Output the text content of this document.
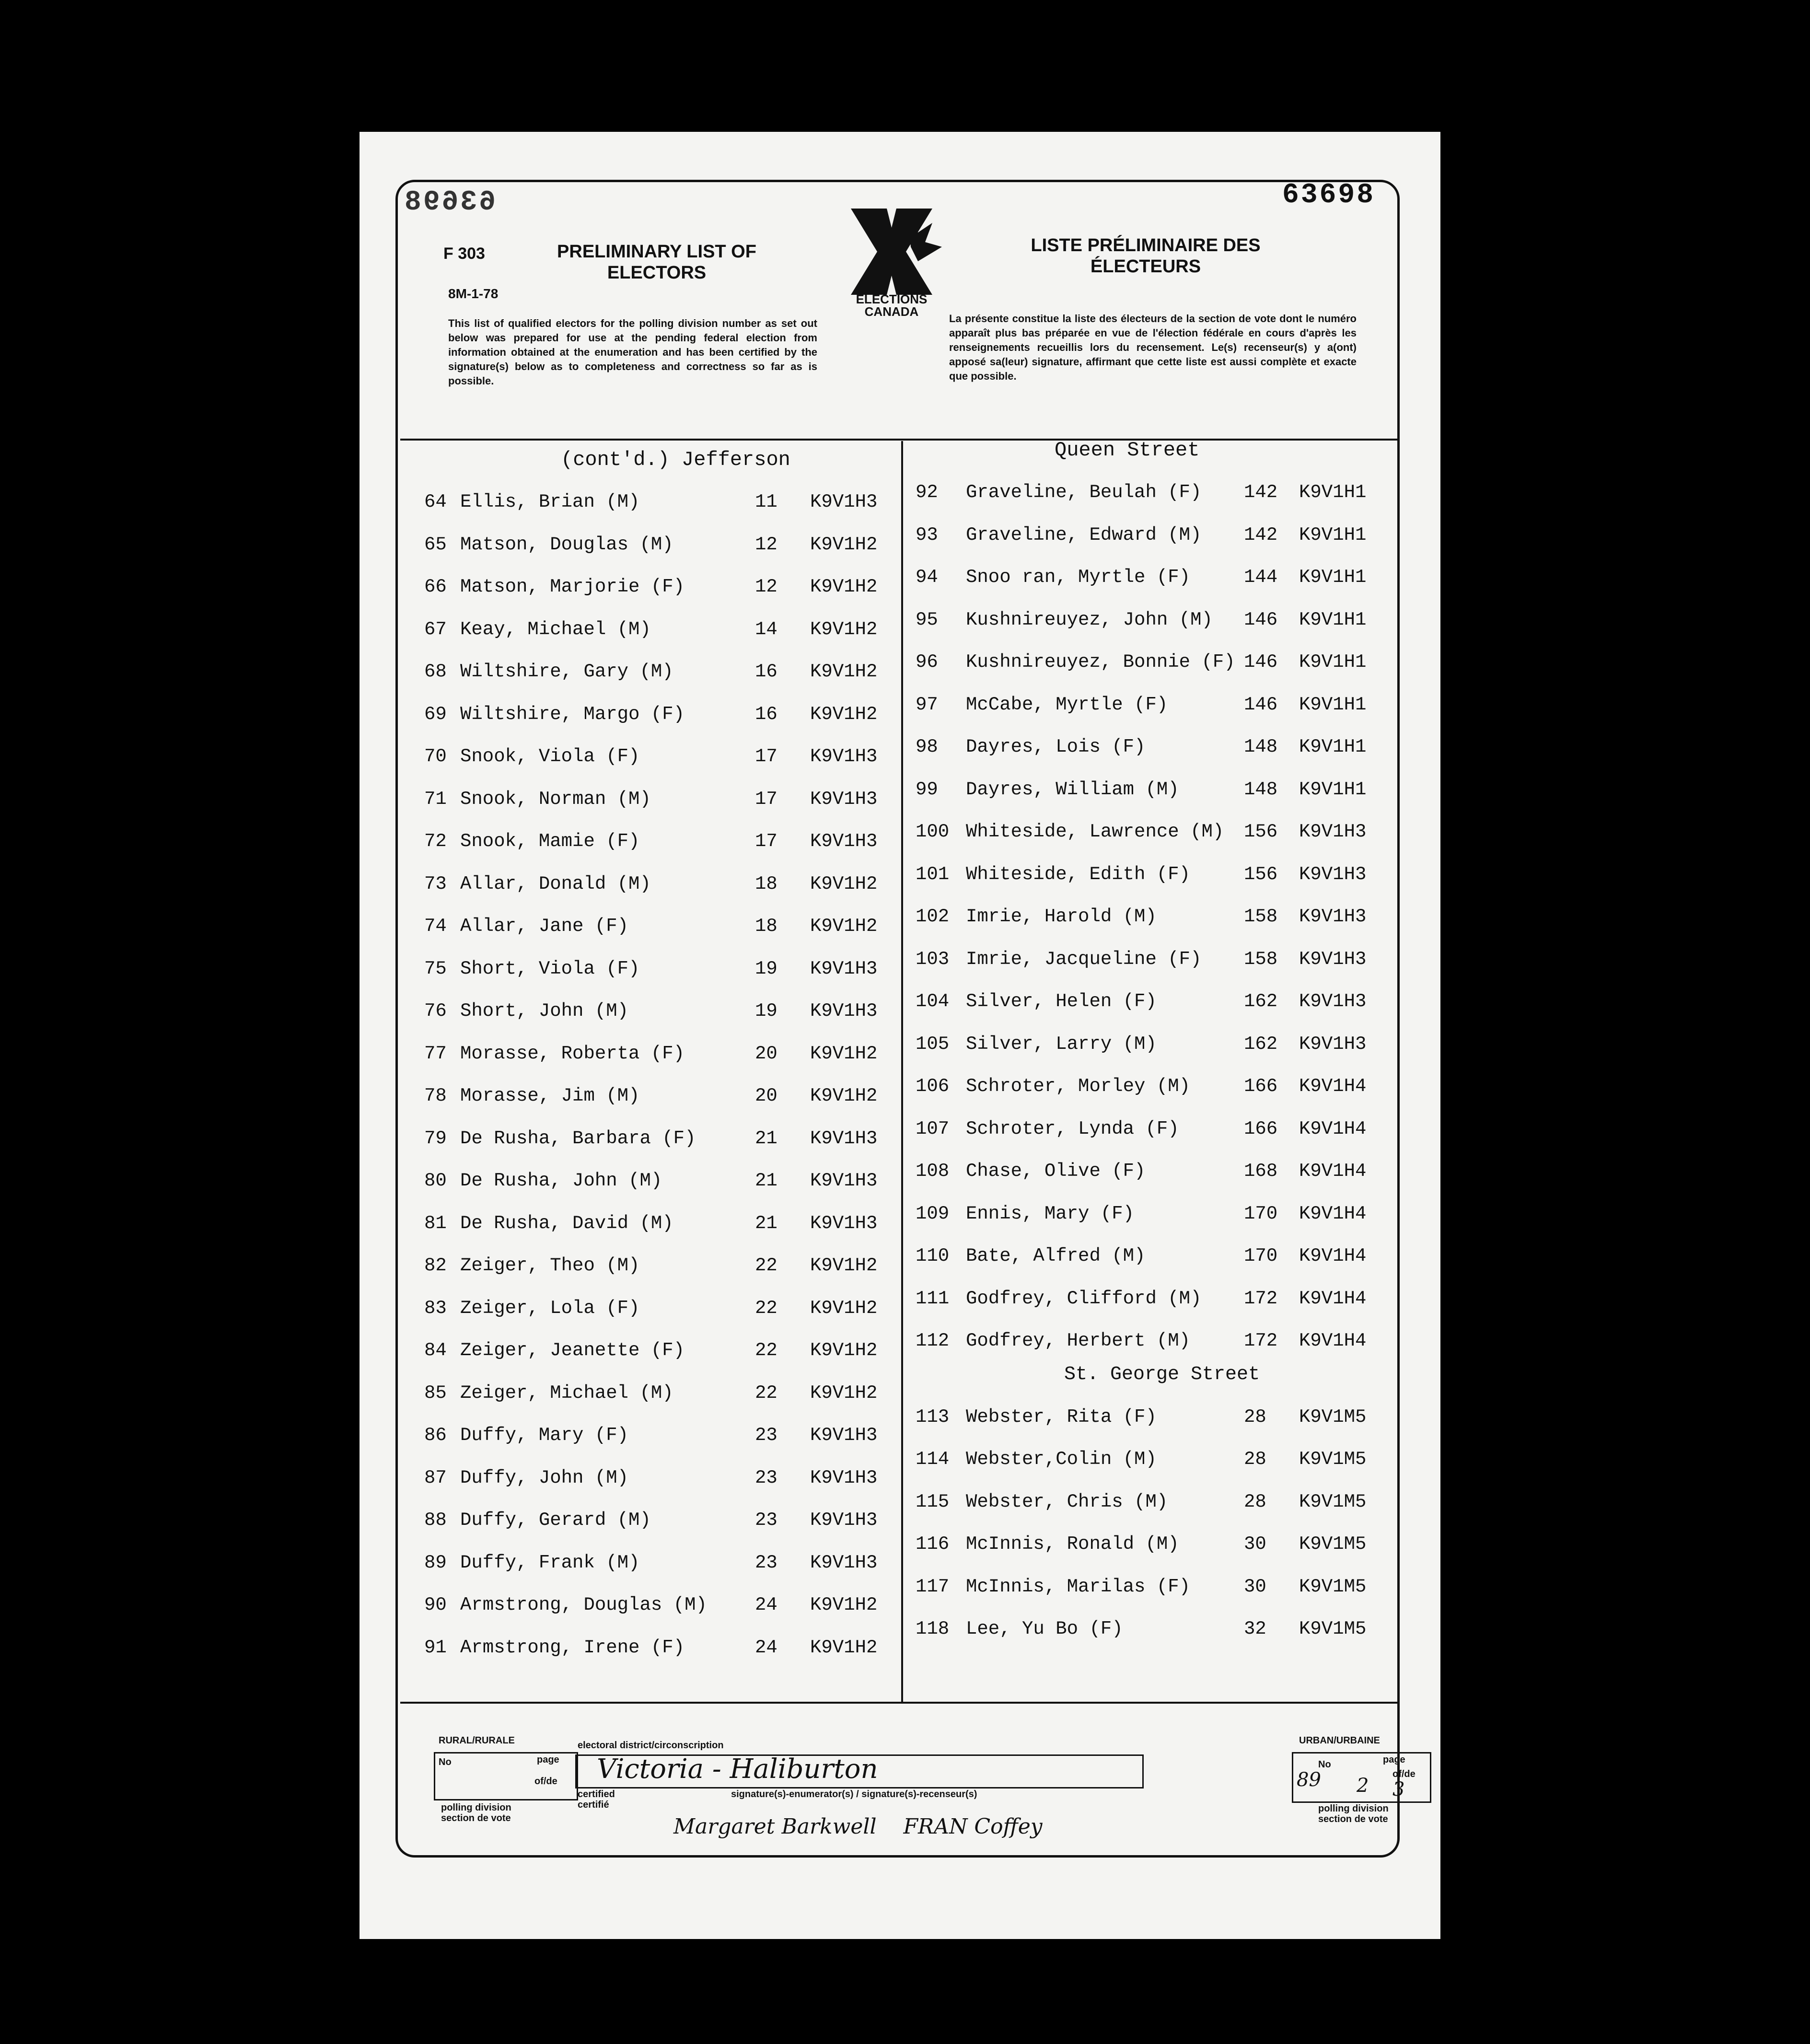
63698
63698
F 303
8M-1-78
PRELIMINARY LIST OF ELECTORS
LISTE PRÉLIMINAIRE DES ÉLECTEURS
ELECTIONS
CANADA
This list of qualified electors for the polling division number as set out below was prepared for use at the pending federal election from information obtained at the enumeration and has been certified by the signature(s) below as to completeness and correctness so far as is possible.
La présente constitue la liste des électeurs de la section de vote dont le numéro apparaît plus bas préparée en vue de l'élection fédérale en cours d'après les renseignements recueillis lors du recensement. Le(s) recenseur(s) y a(ont) apposé sa(leur) signature, affirmant que cette liste est aussi complète et exacte que possible.
(cont'd.) Jefferson	Queen Street
64 Ellis, Brian (M)	11 K9V1H3
65 Matson, Douglas (M)	12 K9V1H2
66 Matson, Marjorie (F)	12 K9V1H2
67 Keay, Michael (M)	14 K9V1H2
68 Wiltshire, Gary (M)	16 K9V1H2
69 Wiltshire, Margo (F)	16 K9V1H2
70 Snook, Viola (F)	17 K9V1H3
71 Snook, Norman (M)	17 K9V1H3
72 Snook, Mamie (F)	17 K9V1H3
73 Allar, Donald (M)	18 K9V1H2
74 Allar, Jane (F)	18 K9V1H2
75 Short, Viola (F)	19 K9V1H3
76 Short, John (M)	19 K9V1H3
77 Morasse, Roberta (F)	20 K9V1H2
78 Morasse, Jim (M)	20 K9V1H2
79 De Rusha, Barbara (F)	21 K9V1H3
80 De Rusha, John (M)	21 K9V1H3
81 De Rusha, David (M)	21 K9V1H3
82 Zeiger, Theo (M)	22 K9V1H2
83 Zeiger, Lola (F)	22 K9V1H2
84 Zeiger, Jeanette (F)	22 K9V1H2
85 Zeiger, Michael (M)	22 K9V1H2
86 Duffy, Mary (F)	23 K9V1H3
87 Duffy, John (M)	23 K9V1H3
88 Duffy, Gerard (M)	23 K9V1H3
89 Duffy, Frank (M)	23 K9V1H3
90 Armstrong, Douglas (M)	24 K9V1H2
91 Armstrong, Irene (F)	24 K9V1H2
92 Graveline, Beulah (F) 142 K9V1H1
93 Graveline, Edward (M) 142 K9V1H1
94 Snoo ran, Myrtle (F)	144 K9V1H1
95 Kushnireuyez, John (M) 146 K9V1H1
96 Kushnireuyez, Bonnie (F) 146 K9V1H1
97 McCabe, Myrtle (F)	146 K9V1H1
98 Dayres, Lois (F)	148 K9V1H1
99 Dayres, William (M)	148 K9V1H1
100 Whiteside, Lawrence (M) 156 K9V1H3
101 Whiteside, Edith (F)	156 K9V1H3
102 Imrie, Harold (M)	158 K9V1H3
103 Imrie, Jacqueline (F) 158 K9V1H3
104 Silver, Helen (F)	162 K9V1H3
105 Silver, Larry (M)	162 K9V1H3
106 Schroter, Morley (M)	166 K9V1H4
107 Schroter, Lynda (F)	166 K9V1H4
108 Chase, Olive (F)	168 K9V1H4
109 Ennis, Mary (F)	170 K9V1H4
110 Bate, Alfred (M)	170 K9V1H4
111 Godfrey, Clifford (M) 172 K9V1H4
112 Godfrey, Herbert (M)	172 K9V1H4
113 Webster, Rita (F)	28 K9V1M5
114 Webster,Colin (M)	28 K9V1M5
115 Webster, Chris (M)	28 K9V1M5
116 McInnis, Ronald (M)	30 K9V1M5
117 McInnis, Marilas (F)	30 K9V1M5
118 Lee, Yu Bo (F)	32 K9V1M5
St. George Street
RURAL/RURALE
No	page
of/de
polling division
section de vote
electoral district/circonscription
Victoria - Haliburton
certified
certifié
signature(s)-enumerator(s) / signature(s)-recenseur(s)
Margaret Barkwell    FRAN Coffey
URBAN/URBAINE
No	page
of/de
89 2 3
polling division
section de vote
